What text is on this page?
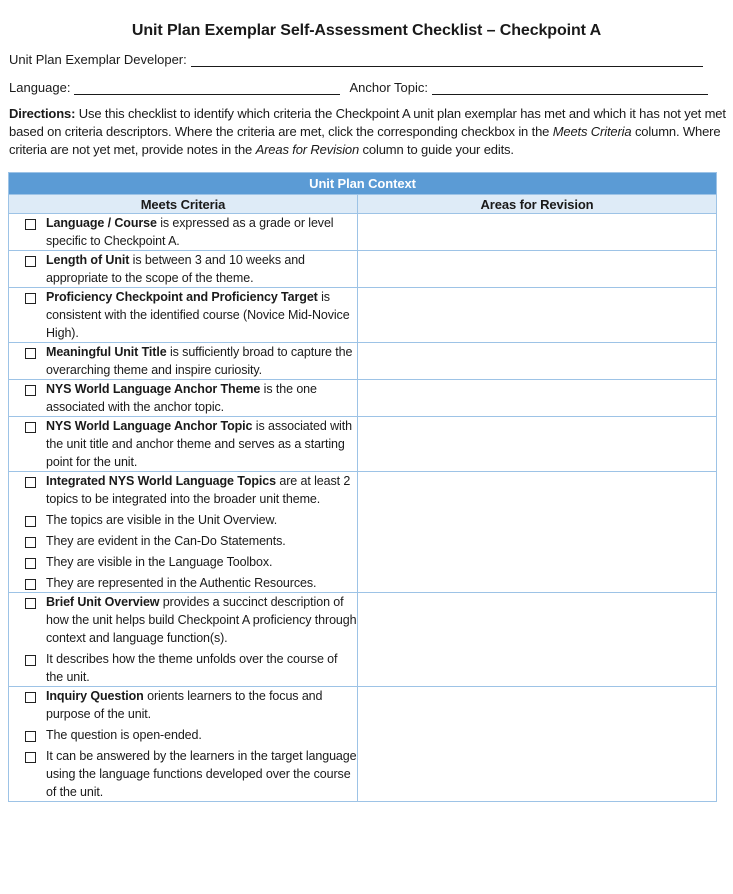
Unit Plan Exemplar Self-Assessment Checklist – Checkpoint A
Unit Plan Exemplar Developer:
Language:	Anchor Topic:
Directions: Use this checklist to identify which criteria the Checkpoint A unit plan exemplar has met and which it has not yet met based on criteria descriptors. Where the criteria are met, click the corresponding checkbox in the Meets Criteria column. Where criteria are not yet met, provide notes in the Areas for Revision column to guide your edits.
Unit Plan Context	
Meets Criteria	Areas for Revision

Language / Course is expressed as a grade or level specific to Checkpoint A.	

Length of Unit is between 3 and 10 weeks and appropriate to the scope of the theme.	

Proficiency Checkpoint and Proficiency Target is consistent with the identified course (Novice Mid-Novice High).	

Meaningful Unit Title is sufficiently broad to capture the overarching theme and inspire curiosity.	

NYS World Language Anchor Theme is the one associated with the anchor topic.	

NYS World Language Anchor Topic is associated with the unit title and anchor theme and serves as a starting point for the unit.	

Integrated NYS World Language Topics are at least 2 topics to be integrated into the broader unit theme.
The topics are visible in the Unit Overview.
They are evident in the Can-Do Statements.
They are visible in the Language Toolbox.
They are represented in the Authentic Resources.	

Brief Unit Overview provides a succinct description of how the unit helps build Checkpoint A proficiency through context and language function(s).
It describes how the theme unfolds over the course of the unit.	

Inquiry Question orients learners to the focus and purpose of the unit.
The question is open-ended.
It can be answered by the learners in the target language using the language functions developed over the course of the unit.	
